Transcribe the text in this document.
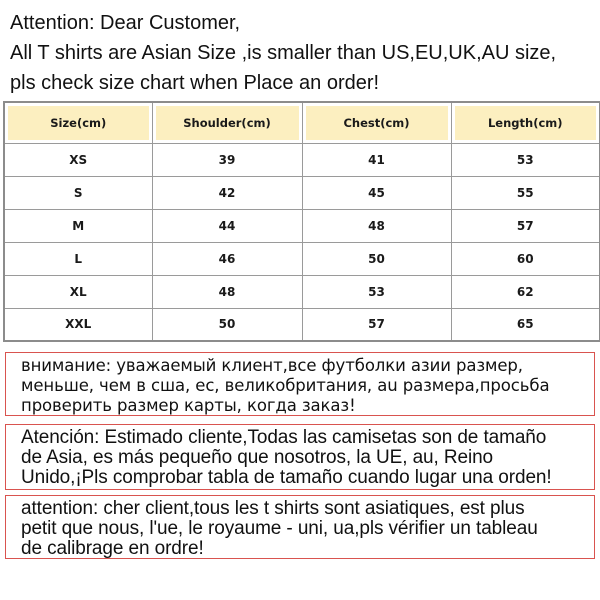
Attention: Dear Customer,
All T shirts are Asian Size ,is smaller than US,EU,UK,AU size,
pls check size chart when Place an order!
Size(cm)	Shoulder(cm)	Chest(cm)	Length(cm)
XS	39	41	53
S	42	45	55
M	44	48	57
L	46	50	60
XL	48	53	62
XXL	50	57	65
внимание: уважаемый клиент,все футболки азии размер,
меньше, чем в сша, ес, великобритания, au размера,просьба
проверить размер карты, когда заказ!
Atención: Estimado cliente,Todas las camisetas son de tamaño
de Asia, es más pequeño que nosotros, la UE, au, Reino
Unido,¡Pls comprobar tabla de tamaño cuando lugar una orden!
attention: cher client,tous les t shirts sont asiatiques, est plus
petit que nous, l'ue, le royaume - uni, ua,pls vérifier un tableau
de calibrage en ordre!
